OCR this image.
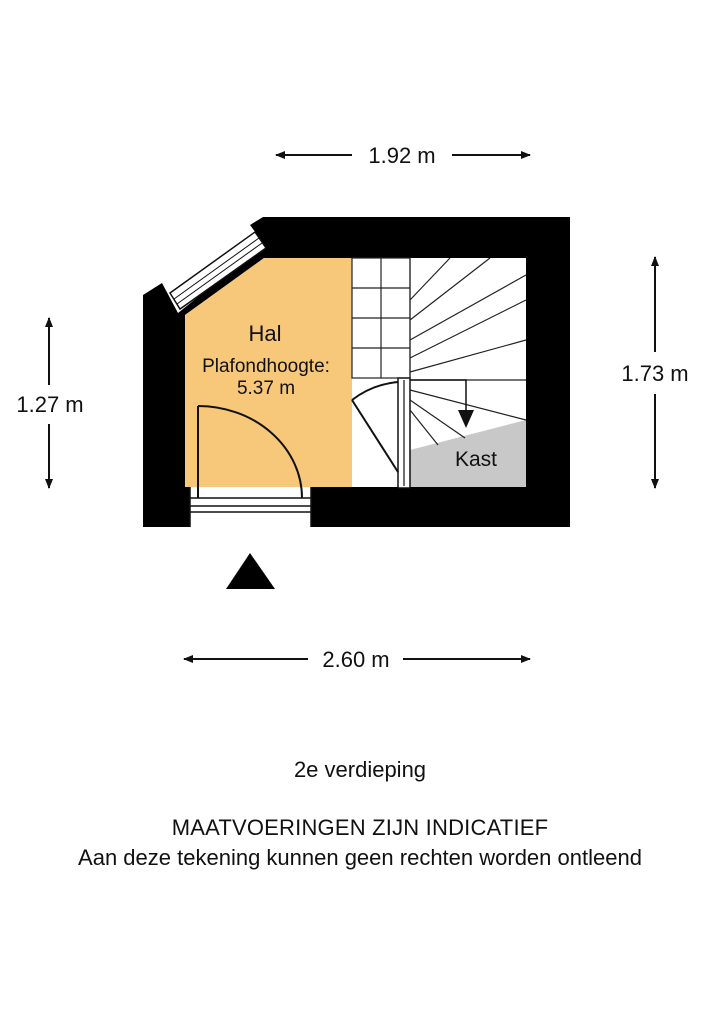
1.92 m
1.27 m
1.73 m
2.60 m
Hal
Plafondhoogte:
5.37 m
Kast
2e verdieping
MAATVOERINGEN ZIJN INDICATIEF
Aan deze tekening kunnen geen rechten worden ontleend
